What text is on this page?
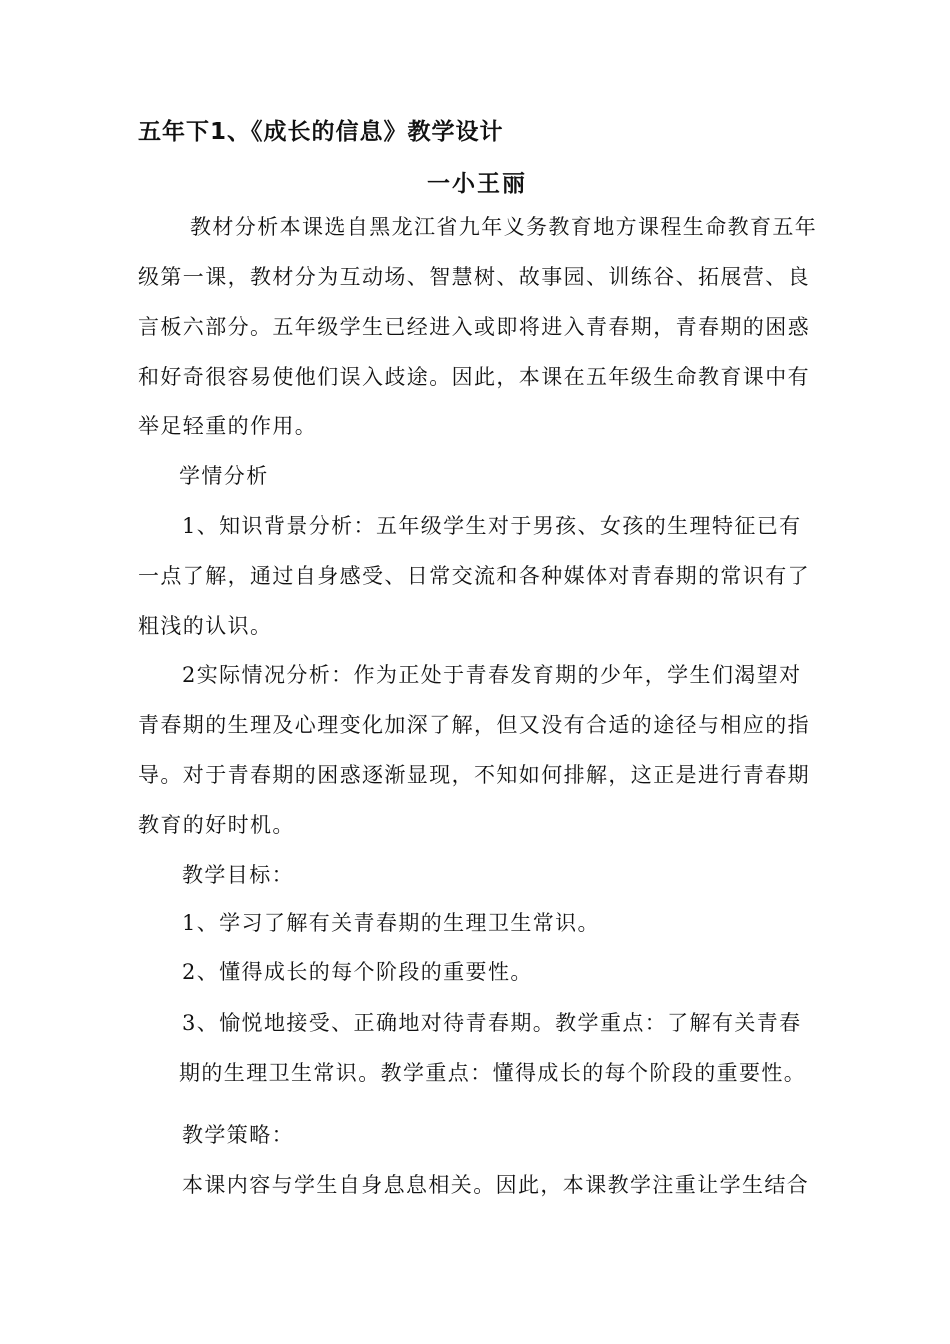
五年下1、《成长的信息》教学设计
一小王丽
教材分析本课选自黑龙江省九年义务教育地方课程生命教育五年
级第一课，教材分为互动场、智慧树、故事园、训练谷、拓展营、良
言板六部分。五年级学生已经进入或即将进入青春期，青春期的困惑
和好奇很容易使他们误入歧途。因此，本课在五年级生命教育课中有
举足轻重的作用。
学情分析
1、知识背景分析：五年级学生对于男孩、女孩的生理特征已有
一点了解，通过自身感受、日常交流和各种媒体对青春期的常识有了
粗浅的认识。
2实际情况分析：作为正处于青春发育期的少年，学生们渴望对
青春期的生理及心理变化加深了解，但又没有合适的途径与相应的指
导。对于青春期的困惑逐渐显现，不知如何排解，这正是进行青春期
教育的好时机。
教学目标：
1、学习了解有关青春期的生理卫生常识。
2、懂得成长的每个阶段的重要性。
3、愉悦地接受、正确地对待青春期。教学重点：了解有关青春
期的生理卫生常识。教学重点：懂得成长的每个阶段的重要性。
教学策略：
本课内容与学生自身息息相关。因此，本课教学注重让学生结合
